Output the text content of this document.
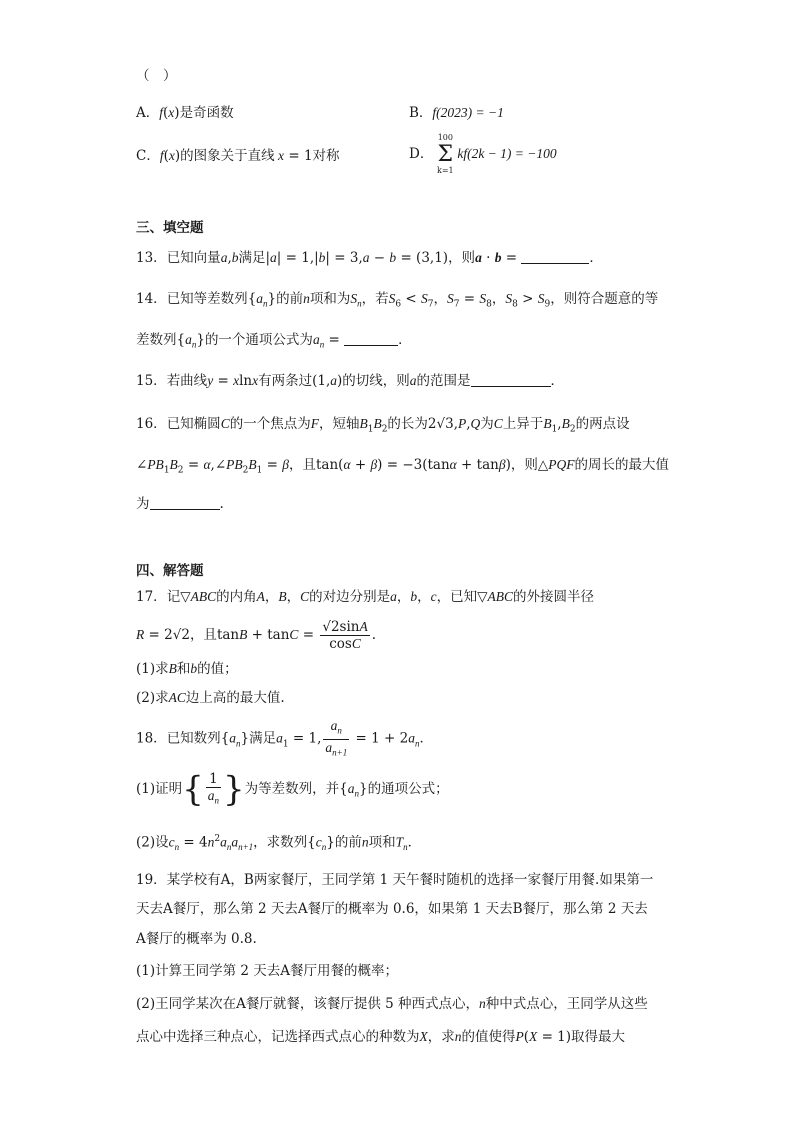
（　）
A．f(x)是奇函数	B．f(2023) = −1
C．f(x)的图象关于直线 x = 1对称	D．
100
Σ
k=1
kf(2k − 1) = −100
三、填空题
13．已知向量a,b满足|a| = 1,|b| = 3,a − b = (3,1)，则a · b =	．
14．已知等差数列$\{a_n\}$的前n项和为$S_n$，若$S_6 < S_7$，$S_7 = S_8$，$S_8 > S_9$，则符合题意的等
差数列$\{a_n\}$的一个通项公式为$a_n$ =	．
15．若曲线y = xlnx有两条过(1,a)的切线，则a的范围是	．
16．已知椭圆C的一个焦点为F，短轴$B_1B_2$的长为2√3,P,Q为C上异于$B_1,B_2$的两点设
$\angle PB_1B_2$ = $\alpha,\angle PB_2B_1 = \beta$，且tan(α + β) = −3(tanα + tanβ)，则△PQF的周长的最大值
为	.
四、解答题
17．记▽ABC的内角A，B，C的对边分别是a，b，c，已知▽ABC的外接圆半径
R = 2√2，且$\tan B + \tan C = \frac{√2\sin A}{\cos C}$ .
(1)求B和b的值；
(2)求AC边上高的最大值.
18．已知数列$\{a_n\}$满足$a_1 = 1$, $\frac{a_n}{a_{n+1}} = 1 + 2a_n$．
(1)证明{ $\frac{1}{a_n}$ }为等差数列，并$\{a_n\}$的通项公式；
(2)设$c_n = 4n^2a_na_{n+1}$，求数列$\{c_n\}$的前n项和$T_n$．
19．某学校有A，B两家餐厅，王同学第 1 天午餐时随机的选择一家餐厅用餐.如果第一
天去A餐厅，那么第 2 天去A餐厅的概率为 0.6，如果第 1 天去B餐厅，那么第 2 天去
A餐厅的概率为 0.8.
(1)计算王同学第 2 天去A餐厅用餐的概率；
(2)王同学某次在A餐厅就餐，该餐厅提供 5 种西式点心，n种中式点心，王同学从这些
点心中选择三种点心，记选择西式点心的种数为X，求n的值使得P(X = 1)取得最大
